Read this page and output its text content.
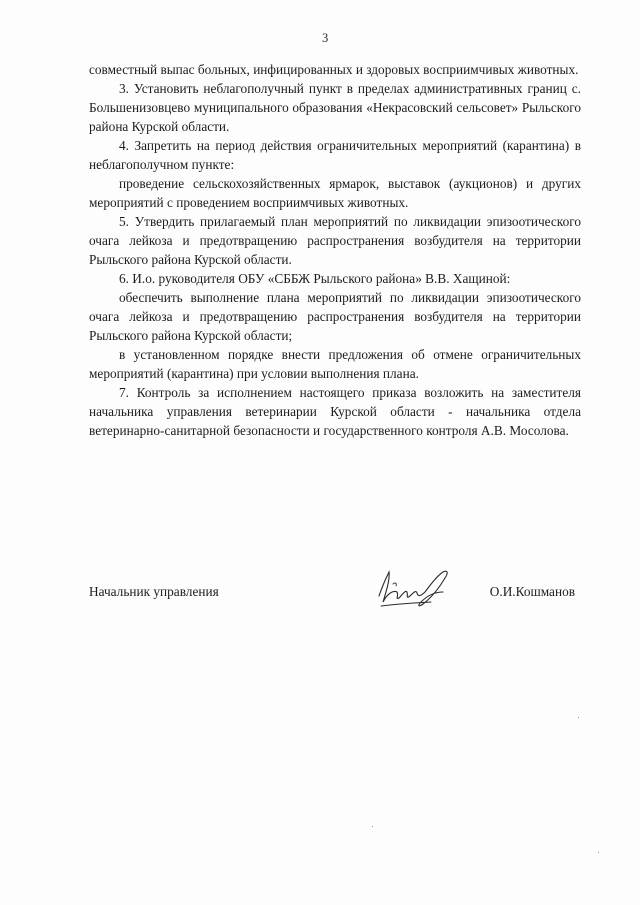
3

совместный выпас больных, инфицированных и здоровых восприимчивых животных.

3. Установить неблагополучный пункт в пределах административных границ с. Большенизовцево муниципального образования «Некрасовский сельсовет» Рыльского района Курской области.

4. Запретить на период действия ограничительных мероприятий (карантина) в неблагополучном пункте:

проведение сельскохозяйственных ярмарок, выставок (аукционов) и других мероприятий с проведением восприимчивых животных.

5. Утвердить прилагаемый план мероприятий по ликвидации эпизоотического очага лейкоза и предотвращению распространения возбудителя на территории Рыльского района Курской области.

6. И.о. руководителя ОБУ «СББЖ Рыльского района» В.В. Хащиной:

обеспечить выполнение плана мероприятий по ликвидации эпизоотического очага лейкоза и предотвращению распространения возбудителя на территории Рыльского района Курской области;

в установленном порядке внести предложения об отмене ограничительных мероприятий (карантина) при условии выполнения плана.

7. Контроль за исполнением настоящего приказа возложить на заместителя начальника управления ветеринарии Курской области - начальника отдела ветеринарно-санитарной безопасности и государственного контроля А.В. Мосолова.

Начальник управления	О.И.Кошманов
